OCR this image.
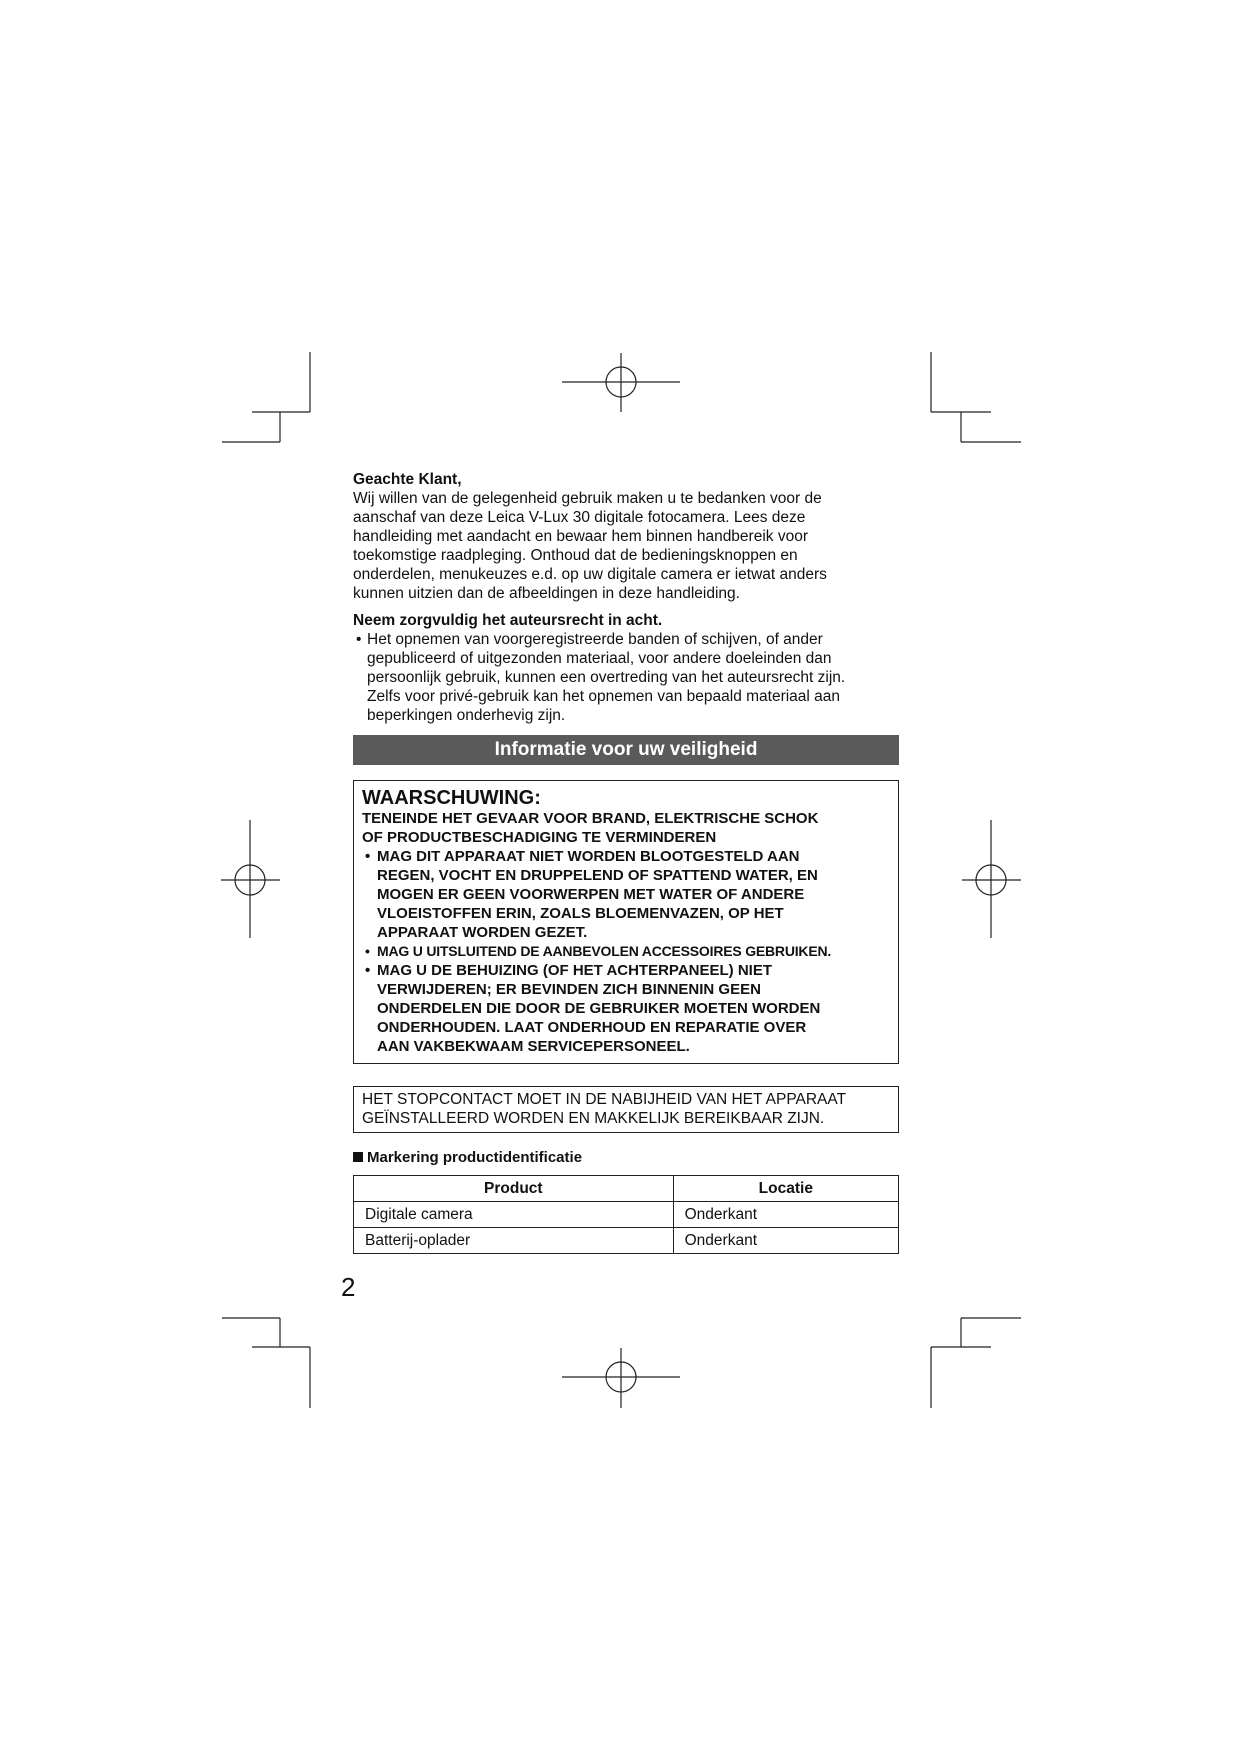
Geachte Klant,

Wij willen van de gelegenheid gebruik maken u te bedanken voor de
aanschaf van deze Leica V-Lux 30 digitale fotocamera. Lees deze
handleiding met aandacht en bewaar hem binnen handbereik voor
toekomstige raadpleging. Onthoud dat de bedieningsknoppen en
onderdelen, menukeuzes e.d. op uw digitale camera er ietwat anders
kunnen uitzien dan de afbeeldingen in deze handleiding.

Neem zorgvuldig het auteursrecht in acht.

• Het opnemen van voorgeregistreerde banden of schijven, of ander
gepubliceerd of uitgezonden materiaal, voor andere doeleinden dan
persoonlijk gebruik, kunnen een overtreding van het auteursrecht zijn.
Zelfs voor privé-gebruik kan het opnemen van bepaald materiaal aan
beperkingen onderhevig zijn.
Informatie voor uw veiligheid
WAARSCHUWING:
TENEINDE HET GEVAAR VOOR BRAND, ELEKTRISCHE SCHOK
OF PRODUCTBESCHADIGING TE VERMINDEREN
• MAG DIT APPARAAT NIET WORDEN BLOOTGESTELD AAN
REGEN, VOCHT EN DRUPPELEND OF SPATTEND WATER, EN
MOGEN ER GEEN VOORWERPEN MET WATER OF ANDERE
VLOEISTOFFEN ERIN, ZOALS BLOEMENVAZEN, OP HET
APPARAAT WORDEN GEZET.
• MAG U UITSLUITEND DE AANBEVOLEN ACCESSOIRES GEBRUIKEN.
• MAG U DE BEHUIZING (OF HET ACHTERPANEEL) NIET
VERWIJDEREN; ER BEVINDEN ZICH BINNENIN GEEN
ONDERDELEN DIE DOOR DE GEBRUIKER MOETEN WORDEN
ONDERHOUDEN. LAAT ONDERHOUD EN REPARATIE OVER
AAN VAKBEKWAAM SERVICEPERSONEEL.
HET STOPCONTACT MOET IN DE NABIJHEID VAN HET APPARAAT
GEÏNSTALLEERD WORDEN EN MAKKELIJK BEREIKBAAR ZIJN.
Markering productidentificatie
Product	Locatie
Digitale camera	Onderkant
Batterij-oplader	Onderkant
2
